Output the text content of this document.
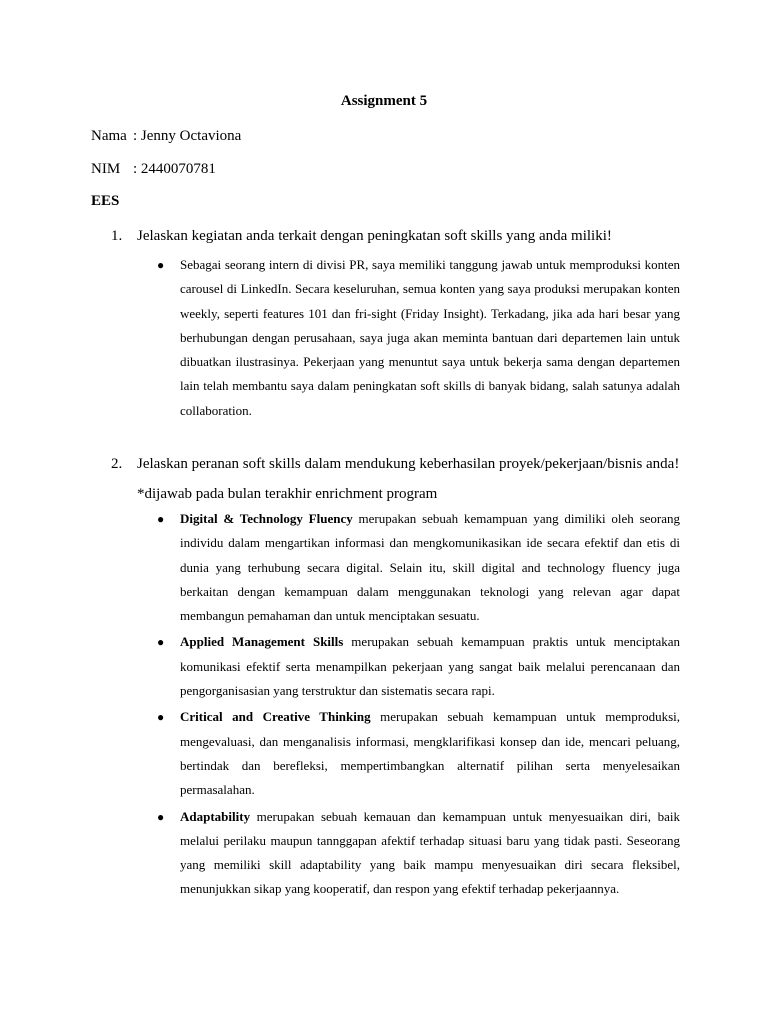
Assignment 5
Nama : Jenny Octaviona
NIM : 2440070781
EES
1. Jelaskan kegiatan anda terkait dengan peningkatan soft skills yang anda miliki!
● Sebagai seorang intern di divisi PR, saya memiliki tanggung jawab untuk memproduksi konten carousel di LinkedIn. Secara keseluruhan, semua konten yang saya produksi merupakan konten weekly, seperti features 101 dan fri-sight (Friday Insight). Terkadang, jika ada hari besar yang berhubungan dengan perusahaan, saya juga akan meminta bantuan dari departemen lain untuk dibuatkan ilustrasinya. Pekerjaan yang menuntut saya untuk bekerja sama dengan departemen lain telah membantu saya dalam peningkatan soft skills di banyak bidang, salah satunya adalah collaboration.
2. Jelaskan peranan soft skills dalam mendukung keberhasilan proyek/pekerjaan/bisnis anda!
*dijawab pada bulan terakhir enrichment program
● Digital & Technology Fluency merupakan sebuah kemampuan yang dimiliki oleh seorang individu dalam mengartikan informasi dan mengkomunikasikan ide secara efektif dan etis di dunia yang terhubung secara digital. Selain itu, skill digital and technology fluency juga berkaitan dengan kemampuan dalam menggunakan teknologi yang relevan agar dapat membangun pemahaman dan untuk menciptakan sesuatu.
● Applied Management Skills merupakan sebuah kemampuan praktis untuk menciptakan komunikasi efektif serta menampilkan pekerjaan yang sangat baik melalui perencanaan dan pengorganisasian yang terstruktur dan sistematis secara rapi.
● Critical and Creative Thinking merupakan sebuah kemampuan untuk memproduksi, mengevaluasi, dan menganalisis informasi, mengklarifikasi konsep dan ide, mencari peluang, bertindak dan berefleksi, mempertimbangkan alternatif pilihan serta menyelesaikan permasalahan.
● Adaptability merupakan sebuah kemauan dan kemampuan untuk menyesuaikan diri, baik melalui perilaku maupun tannggapan afektif terhadap situasi baru yang tidak pasti. Seseorang yang memiliki skill adaptability yang baik mampu menyesuaikan diri secara fleksibel, menunjukkan sikap yang kooperatif, dan respon yang efektif terhadap pekerjaannya.
